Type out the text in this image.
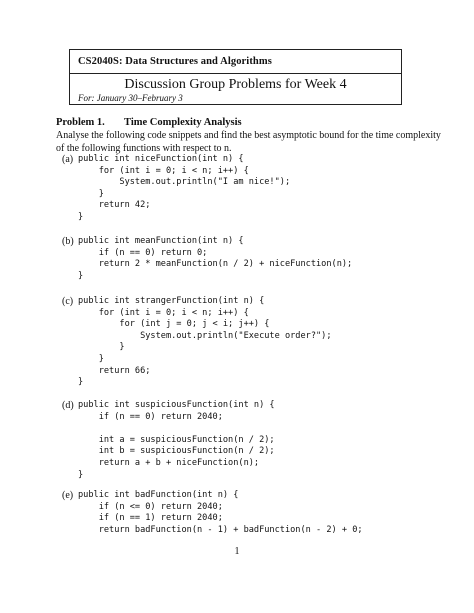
CS2040S: Data Structures and Algorithms
Discussion Group Problems for Week 4
For: January 30–February 3
Problem 1. Time Complexity Analysis
Analyse the following code snippets and find the best asymptotic bound for the time complexity
of the following functions with respect to n.
(a) public int niceFunction(int n) {
for (int i = 0; i < n; i++) {
System.out.println("I am nice!");
}
return 42;
}
(b) public int meanFunction(int n) {
if (n == 0) return 0;
return 2 * meanFunction(n / 2) + niceFunction(n);
}
(c) public int strangerFunction(int n) {
for (int i = 0; i < n; i++) {
for (int j = 0; j < i; j++) {
System.out.println("Execute order?");
}
}
return 66;
}
(d) public int suspiciousFunction(int n) {
if (n == 0) return 2040;

int a = suspiciousFunction(n / 2);
int b = suspiciousFunction(n / 2);
return a + b + niceFunction(n);
}
(e) public int badFunction(int n) {
if (n <= 0) return 2040;
if (n == 1) return 2040;
return badFunction(n - 1) + badFunction(n - 2) + 0;
1
